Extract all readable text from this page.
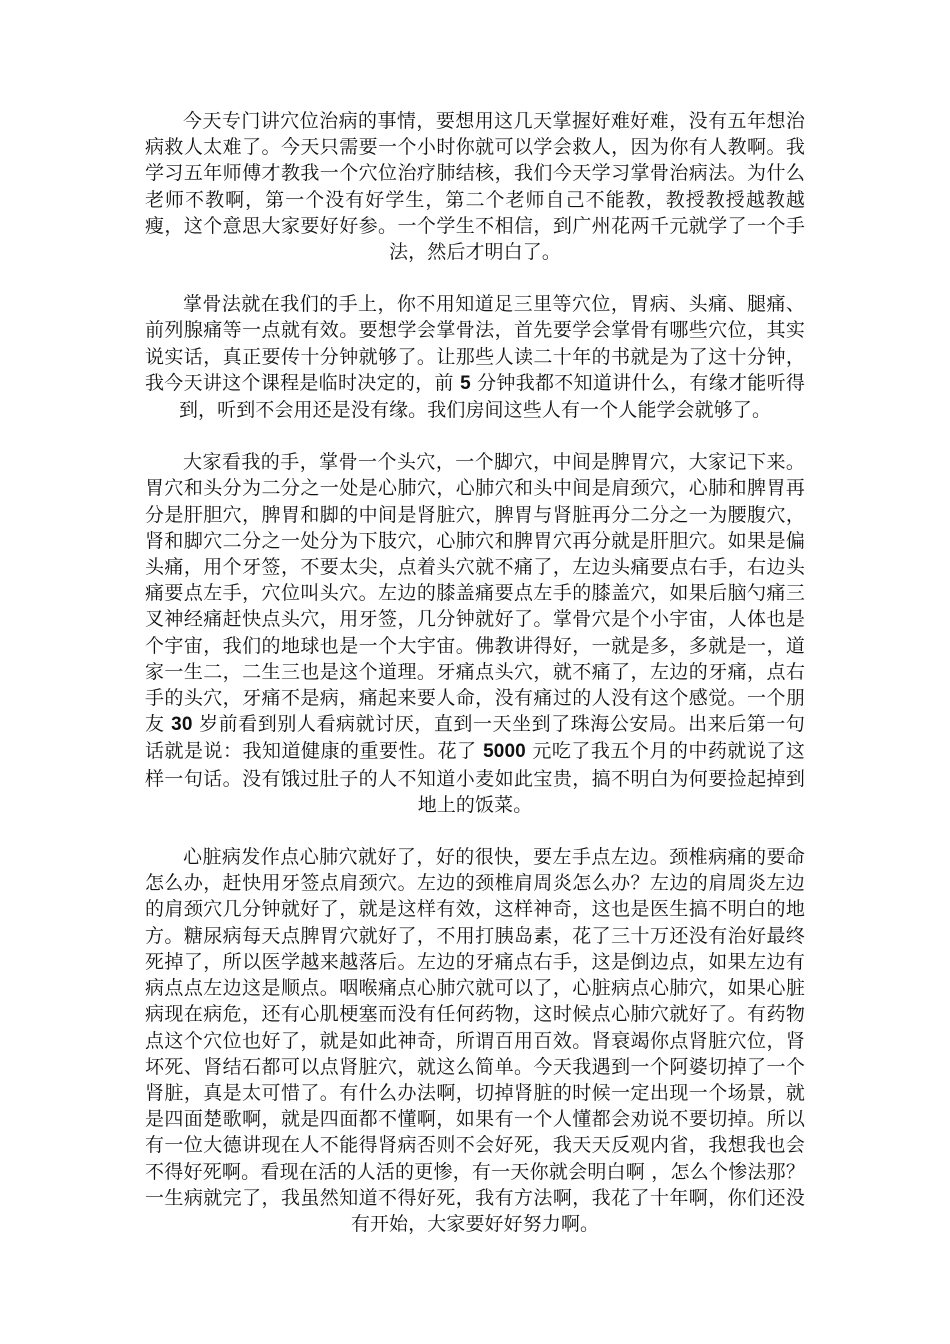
今天专门讲穴位治病的事情，要想用这几天掌握好难好难，没有五年想治病救人太难了。今天只需要一个小时你就可以学会救人，因为你有人教啊。我学习五年师傅才教我一个穴位治疗肺结核，我们今天学习掌骨治病法。为什么老师不教啊，第一个没有好学生，第二个老师自己不能教，教授教授越教越瘦，这个意思大家要好好参。一个学生不相信，到广州花两千元就学了一个手法，然后才明白了。

掌骨法就在我们的手上，你不用知道足三里等穴位，胃病、头痛、腿痛、前列腺痛等一点就有效。要想学会掌骨法，首先要学会掌骨有哪些穴位，其实说实话，真正要传十分钟就够了。让那些人读二十年的书就是为了这十分钟，我今天讲这个课程是临时决定的，前 5 分钟我都不知道讲什么，有缘才能听得到，听到不会用还是没有缘。我们房间这些人有一个人能学会就够了。

大家看我的手，掌骨一个头穴，一个脚穴，中间是脾胃穴，大家记下来。胃穴和头分为二分之一处是心肺穴，心肺穴和头中间是肩颈穴，心肺和脾胃再分是肝胆穴，脾胃和脚的中间是肾脏穴，脾胃与肾脏再分二分之一为腰腹穴，肾和脚穴二分之一处分为下肢穴，心肺穴和脾胃穴再分就是肝胆穴。如果是偏头痛，用个牙签，不要太尖，点着头穴就不痛了，左边头痛要点右手，右边头痛要点左手，穴位叫头穴。左边的膝盖痛要点左手的膝盖穴，如果后脑勺痛三叉神经痛赶快点头穴，用牙签，几分钟就好了。掌骨穴是个小宇宙，人体也是个宇宙，我们的地球也是一个大宇宙。佛教讲得好，一就是多，多就是一，道家一生二，二生三也是这个道理。牙痛点头穴，就不痛了，左边的牙痛，点右手的头穴，牙痛不是病，痛起来要人命，没有痛过的人没有这个感觉。一个朋友 30 岁前看到别人看病就讨厌，直到一天坐到了珠海公安局。出来后第一句话就是说：我知道健康的重要性。花了 5000 元吃了我五个月的中药就说了这样一句话。没有饿过肚子的人不知道小麦如此宝贵，搞不明白为何要捡起掉到地上的饭菜。

心脏病发作点心肺穴就好了，好的很快，要左手点左边。颈椎病痛的要命怎么办，赶快用牙签点肩颈穴。左边的颈椎肩周炎怎么办？左边的肩周炎左边的肩颈穴几分钟就好了，就是这样有效，这样神奇，这也是医生搞不明白的地方。糖尿病每天点脾胃穴就好了，不用打胰岛素，花了三十万还没有治好最终死掉了，所以医学越来越落后。左边的牙痛点右手，这是倒边点，如果左边有病点点左边这是顺点。咽喉痛点心肺穴就可以了，心脏病点心肺穴，如果心脏病现在病危，还有心肌梗塞而没有任何药物，这时候点心肺穴就好了。有药物点这个穴位也好了，就是如此神奇，所谓百用百效。肾衰竭你点肾脏穴位，肾坏死、肾结石都可以点肾脏穴，就这么简单。今天我遇到一个阿婆切掉了一个肾脏，真是太可惜了。有什么办法啊，切掉肾脏的时候一定出现一个场景，就是四面楚歌啊，就是四面都不懂啊，如果有一个人懂都会劝说不要切掉。所以有一位大德讲现在人不能得肾病否则不会好死，我天天反观内省，我想我也会不得好死啊。看现在活的人活的更惨，有一天你就会明白啊 ，怎么个惨法那？一生病就完了，我虽然知道不得好死，我有方法啊，我花了十年啊，你们还没有开始，大家要好好努力啊。
